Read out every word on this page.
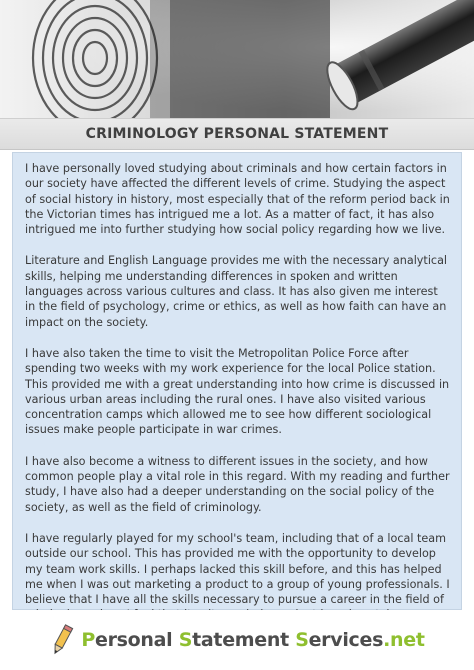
CRIMINOLOGY PERSONAL STATEMENT

I have personally loved studying about criminals and how certain factors in our society have affected the different levels of crime. Studying the aspect of social history in history, most especially that of the reform period back in the Victorian times has intrigued me a lot. As a matter of fact, it has also intrigued me into further studying how social policy regarding how we live.

Literature and English Language provides me with the necessary analytical skills, helping me understanding differences in spoken and written languages across various cultures and class. It has also given me interest in the field of psychology, crime or ethics, as well as how faith can have an impact on the society.

I have also taken the time to visit the Metropolitan Police Force after spending two weeks with my work experience for the local Police station. This provided me with a great understanding into how crime is discussed in various urban areas including the rural ones. I have also visited various concentration camps which allowed me to see how different sociological issues make people participate in war crimes.

I have also become a witness to different issues in the society, and how common people play a vital role in this regard. With my reading and further study, I have also had a deeper understanding on the social policy of the society, as well as the field of criminology.

I have regularly played for my school's team, including that of a local team outside our school. This has provided me with the opportunity to develop my team work skills. I perhaps lacked this skill before, and this has helped me when I was out marketing a product to a group of young professionals. I believe that I have all the skills necessary to pursue a career in the field of

Personal Statement Services.net
